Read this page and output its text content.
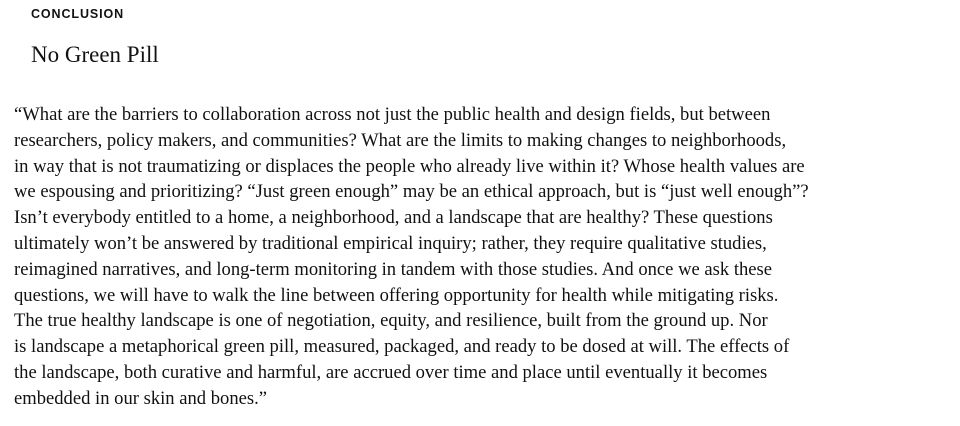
CONCLUSION
No Green Pill
“What are the barriers to collaboration across not just the public health and design fields, but between
researchers, policy makers, and communities? What are the limits to making changes to neighborhoods,
in way that is not traumatizing or displaces the people who already live within it? Whose health values are
we espousing and prioritizing? “Just green enough” may be an ethical approach, but is “just well enough”?
Isn’t everybody entitled to a home, a neighborhood, and a landscape that are healthy? These questions
ultimately won’t be answered by traditional empirical inquiry; rather, they require qualitative studies,
reimagined narratives, and long-term monitoring in tandem with those studies. And once we ask these
questions, we will have to walk the line between offering opportunity for health while mitigating risks.
The true healthy landscape is one of negotiation, equity, and resilience, built from the ground up. Nor
is landscape a metaphorical green pill, measured, packaged, and ready to be dosed at will. The effects of
the landscape, both curative and harmful, are accrued over time and place until eventually it becomes
embedded in our skin and bones.”
